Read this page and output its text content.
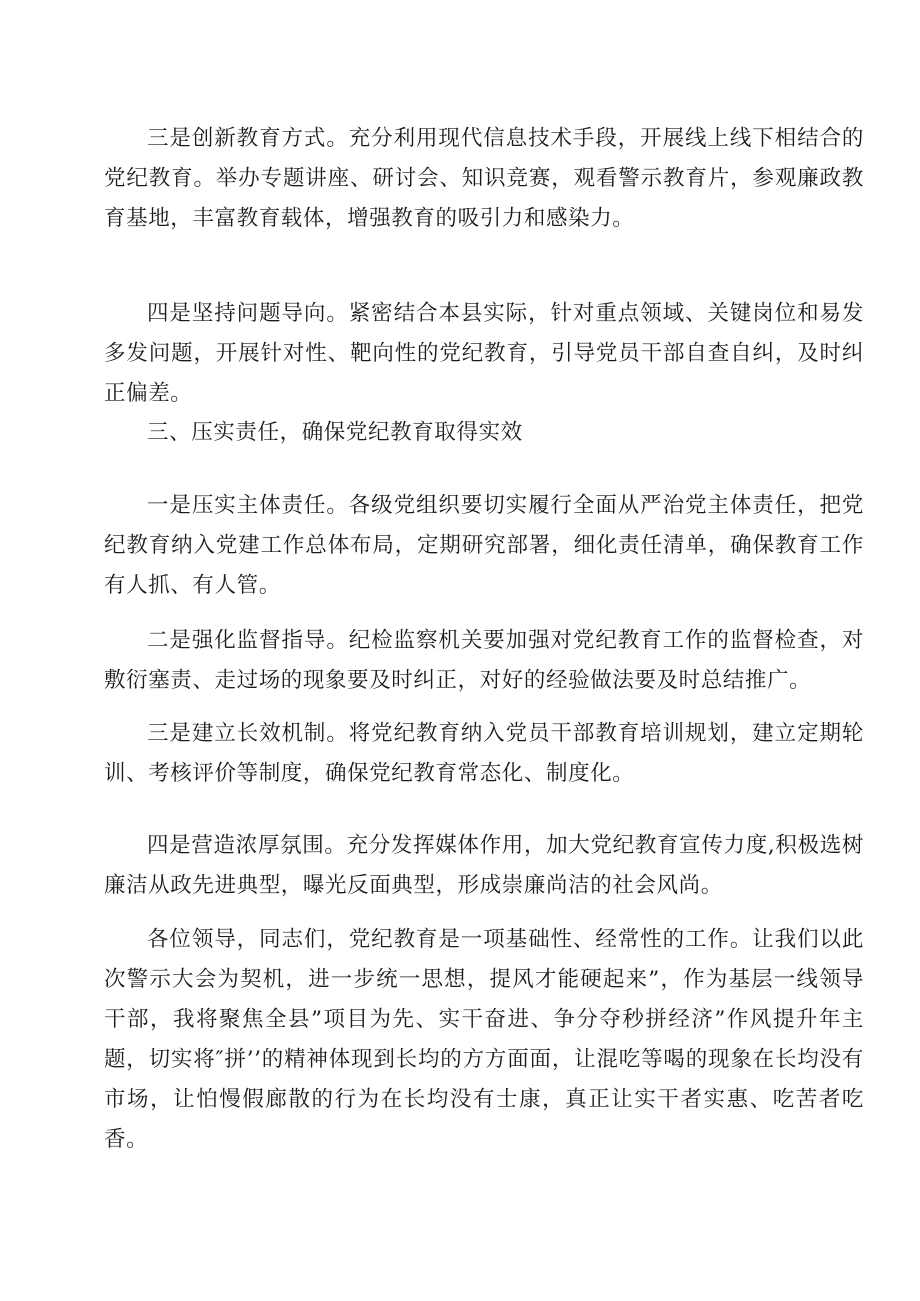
三是创新教育方式。充分利用现代信息技术手段，开展线上线下相结合的党纪教育。举办专题讲座、研讨会、知识竞赛，观看警示教育片，参观廉政教育基地，丰富教育载体，增强教育的吸引力和感染力。

四是坚持问题导向。紧密结合本县实际，针对重点领域、关键岗位和易发多发问题，开展针对性、靶向性的党纪教育，引导党员干部自查自纠，及时纠正偏差。

三、压实责任，确保党纪教育取得实效

一是压实主体责任。各级党组织要切实履行全面从严治党主体责任，把党纪教育纳入党建工作总体布局，定期研究部署，细化责任清单，确保教育工作有人抓、有人管。

二是强化监督指导。纪检监察机关要加强对党纪教育工作的监督检查，对敷衍塞责、走过场的现象要及时纠正，对好的经验做法要及时总结推广。

三是建立长效机制。将党纪教育纳入党员干部教育培训规划，建立定期轮训、考核评价等制度，确保党纪教育常态化、制度化。

四是营造浓厚氛围。充分发挥媒体作用，加大党纪教育宣传力度,积极选树廉洁从政先进典型，曝光反面典型，形成崇廉尚洁的社会风尚。

各位领导，同志们，党纪教育是一项基础性、经常性的工作。让我们以此次警示大会为契机，进一步统一思想，提风才能硬起来”，作为基层一线领导干部，我将聚焦全县”项目为先、实干奋进、争分夺秒拼经济”作风提升年主题，切实将″拼’’的精神体现到长均的方方面面，让混吃等喝的现象在长均没有市场，让怕慢假廊散的行为在长均没有士康，真正让实干者实惠、吃苦者吃香。
